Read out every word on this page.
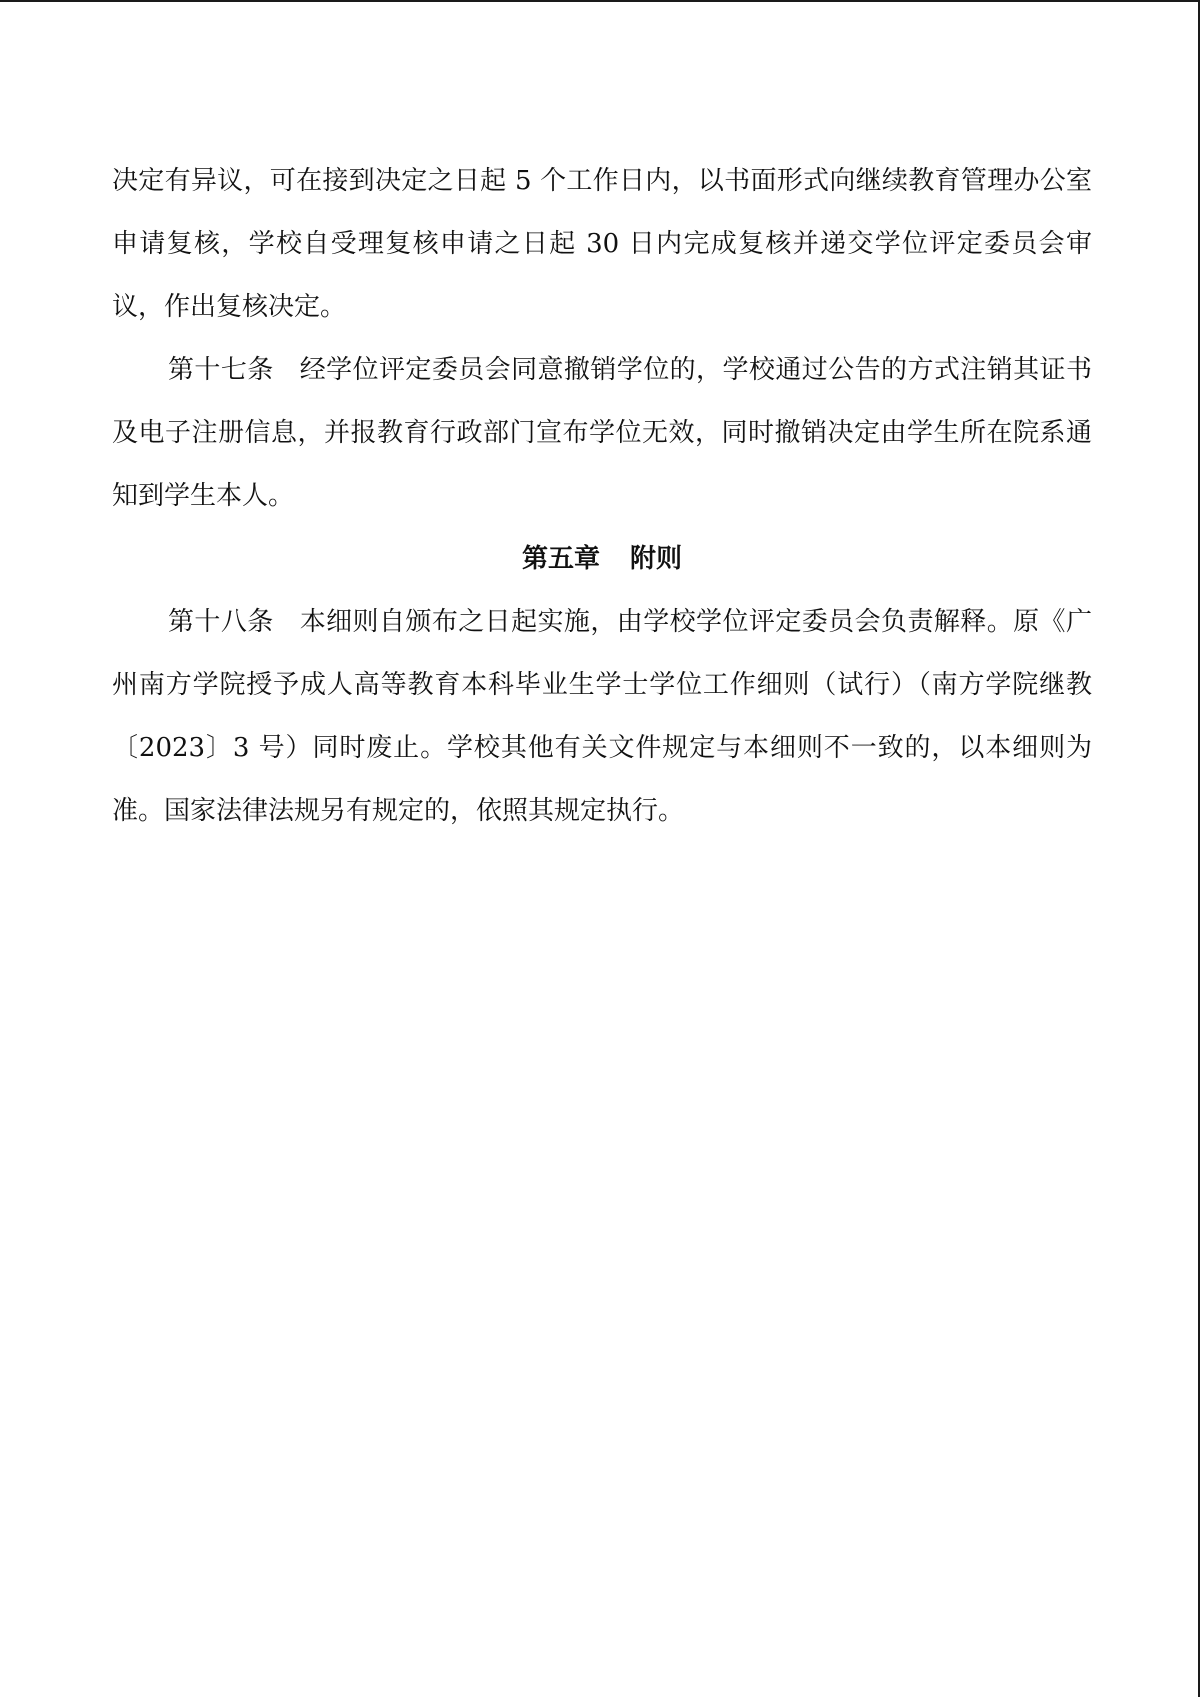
决定有异议，可在接到决定之日起 5 个工作日内，以书面形式向继续教育管理办公室申请复核，学校自受理复核申请之日起 30 日内完成复核并递交学位评定委员会审议，作出复核决定。

第十七条 经学位评定委员会同意撤销学位的，学校通过公告的方式注销其证书及电子注册信息，并报教育行政部门宣布学位无效，同时撤销决定由学生所在院系通知到学生本人。

第五章 附则

第十八条 本细则自颁布之日起实施，由学校学位评定委员会负责解释。原《广州南方学院授予成人高等教育本科毕业生学士学位工作细则（试行）（南方学院继教〔2023〕3 号）同时废止。学校其他有关文件规定与本细则不一致的，以本细则为准。国家法律法规另有规定的，依照其规定执行。
